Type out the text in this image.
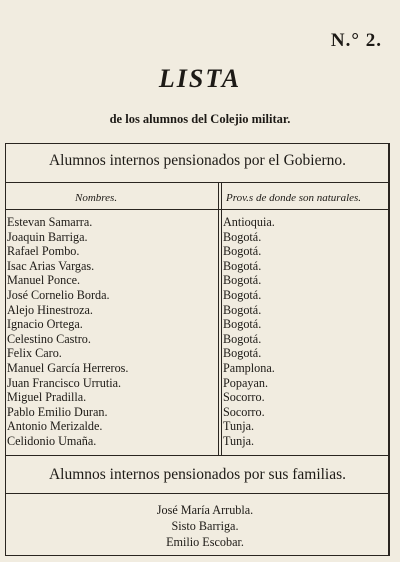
N.° 2.
LISTA
de los alumnos del Colejio militar.
Alumnos internos pensionados por el Gobierno.
Nombres.	Prov.s de donde son naturales.
Estevan Samarra.	Antioquia.
Joaquin Barriga.	Bogotá.
Rafael Pombo.	Bogotá.
Isac Arias Vargas.	Bogotá.
Manuel Ponce.	Bogotá.
José Cornelio Borda.	Bogotá.
Alejo Hinestroza.	Bogotá.
Ignacio Ortega.	Bogotá.
Celestino Castro.	Bogotá.
Felix Caro.	Bogotá.
Manuel García Herreros.	Pamplona.
Juan Francisco Urrutia.	Popayan.
Miguel Pradilla.	Socorro.
Pablo Emilio Duran.	Socorro.
Antonio Merizalde.	Tunja.
Celidonio Umaña.	Tunja.
Alumnos internos pensionados por sus familias.
José María Arrubla.
Sisto Barriga.
Emilio Escobar.
